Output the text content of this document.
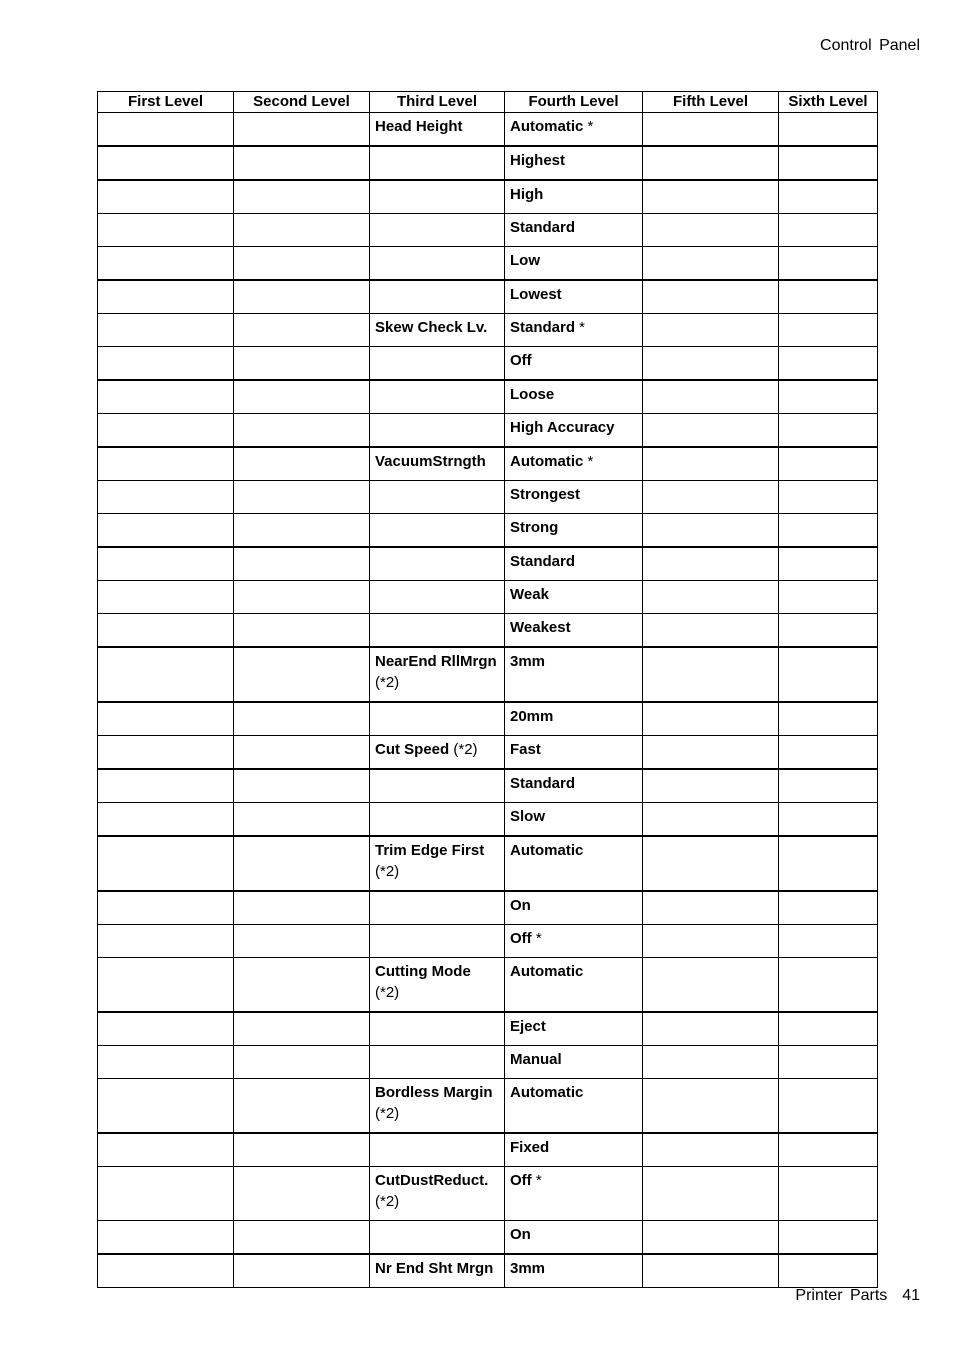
Control Panel
First Level	Second Level	Third Level	Fourth Level	Fifth Level	Sixth Level
		Head Height	Automatic *		
			Highest		
			High		
			Standard		
			Low		
			Lowest		
		Skew Check Lv.	Standard *		
			Off		
			Loose		
			High Accuracy		
		VacuumStrngth	Automatic *		
			Strongest		
			Strong		
			Standard		
			Weak		
			Weakest		
		NearEnd RllMrgn (*2)	3mm		
			20mm		
		Cut Speed (*2)	Fast		
			Standard		
			Slow		
		Trim Edge First (*2)	Automatic		
			On		
			Off *		
		Cutting Mode (*2)	Automatic		
			Eject		
			Manual		
		Bordless Margin (*2)	Automatic		
			Fixed		
		CutDustReduct. (*2)	Off *		
			On		
		Nr End Sht Mrgn	3mm		
Printer Parts 41
